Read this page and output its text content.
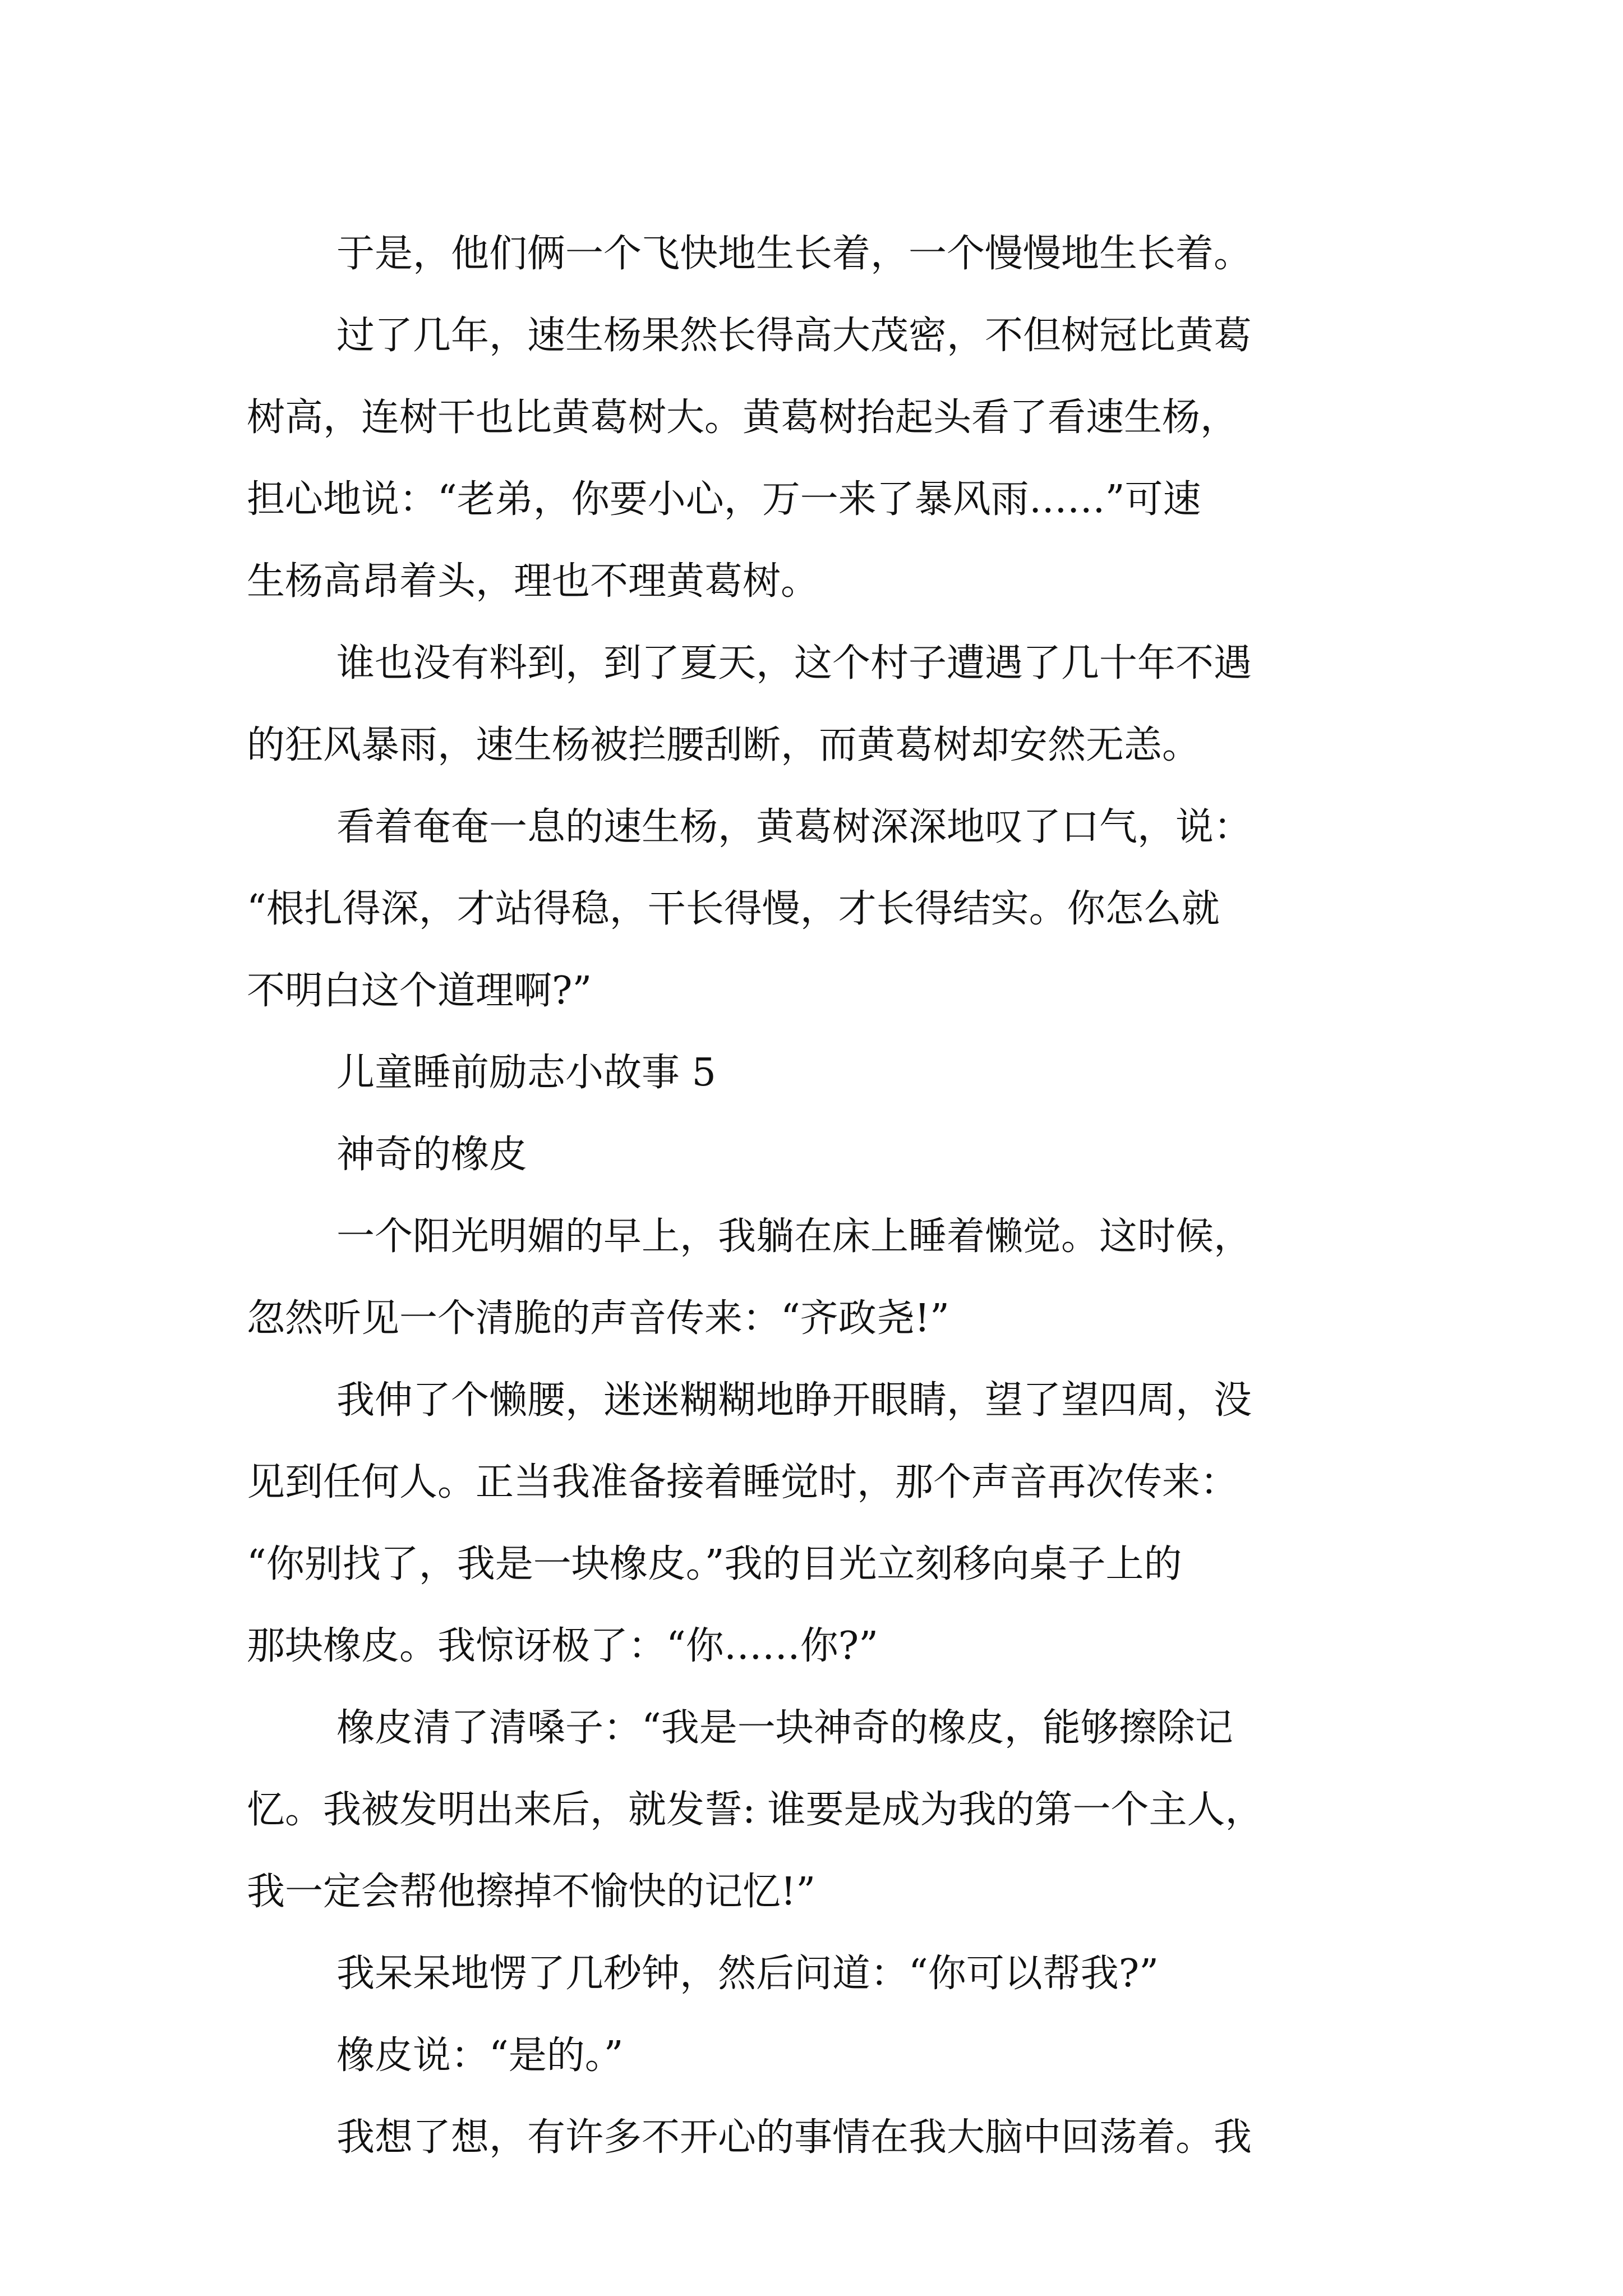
于是，他们俩一个飞快地生长着，一个慢慢地生长着。
过了几年，速生杨果然长得高大茂密，不但树冠比黄葛
树高，连树干也比黄葛树大。黄葛树抬起头看了看速生杨，
担心地说：“老弟，你要小心，万一来了暴风雨……”可速
生杨高昂着头，理也不理黄葛树。
谁也没有料到，到了夏天，这个村子遭遇了几十年不遇
的狂风暴雨，速生杨被拦腰刮断，而黄葛树却安然无恙。
看着奄奄一息的速生杨，黄葛树深深地叹了口气，说：
“根扎得深，才站得稳，干长得慢，才长得结实。你怎么就
不明白这个道理啊?”
儿童睡前励志小故事 5
神奇的橡皮
一个阳光明媚的早上，我躺在床上睡着懒觉。这时候，
忽然听见一个清脆的声音传来：“齐政尧!”
我伸了个懒腰，迷迷糊糊地睁开眼睛，望了望四周，没
见到任何人。正当我准备接着睡觉时，那个声音再次传来：
“你别找了，我是一块橡皮。”我的目光立刻移向桌子上的
那块橡皮。我惊讶极了：“你……你?”
橡皮清了清嗓子：“我是一块神奇的橡皮，能够擦除记
忆。我被发明出来后，就发誓: 谁要是成为我的第一个主人，
我一定会帮他擦掉不愉快的记忆!”
我呆呆地愣了几秒钟，然后问道：“你可以帮我?”
橡皮说：“是的。”
我想了想，有许多不开心的事情在我大脑中回荡着。我
